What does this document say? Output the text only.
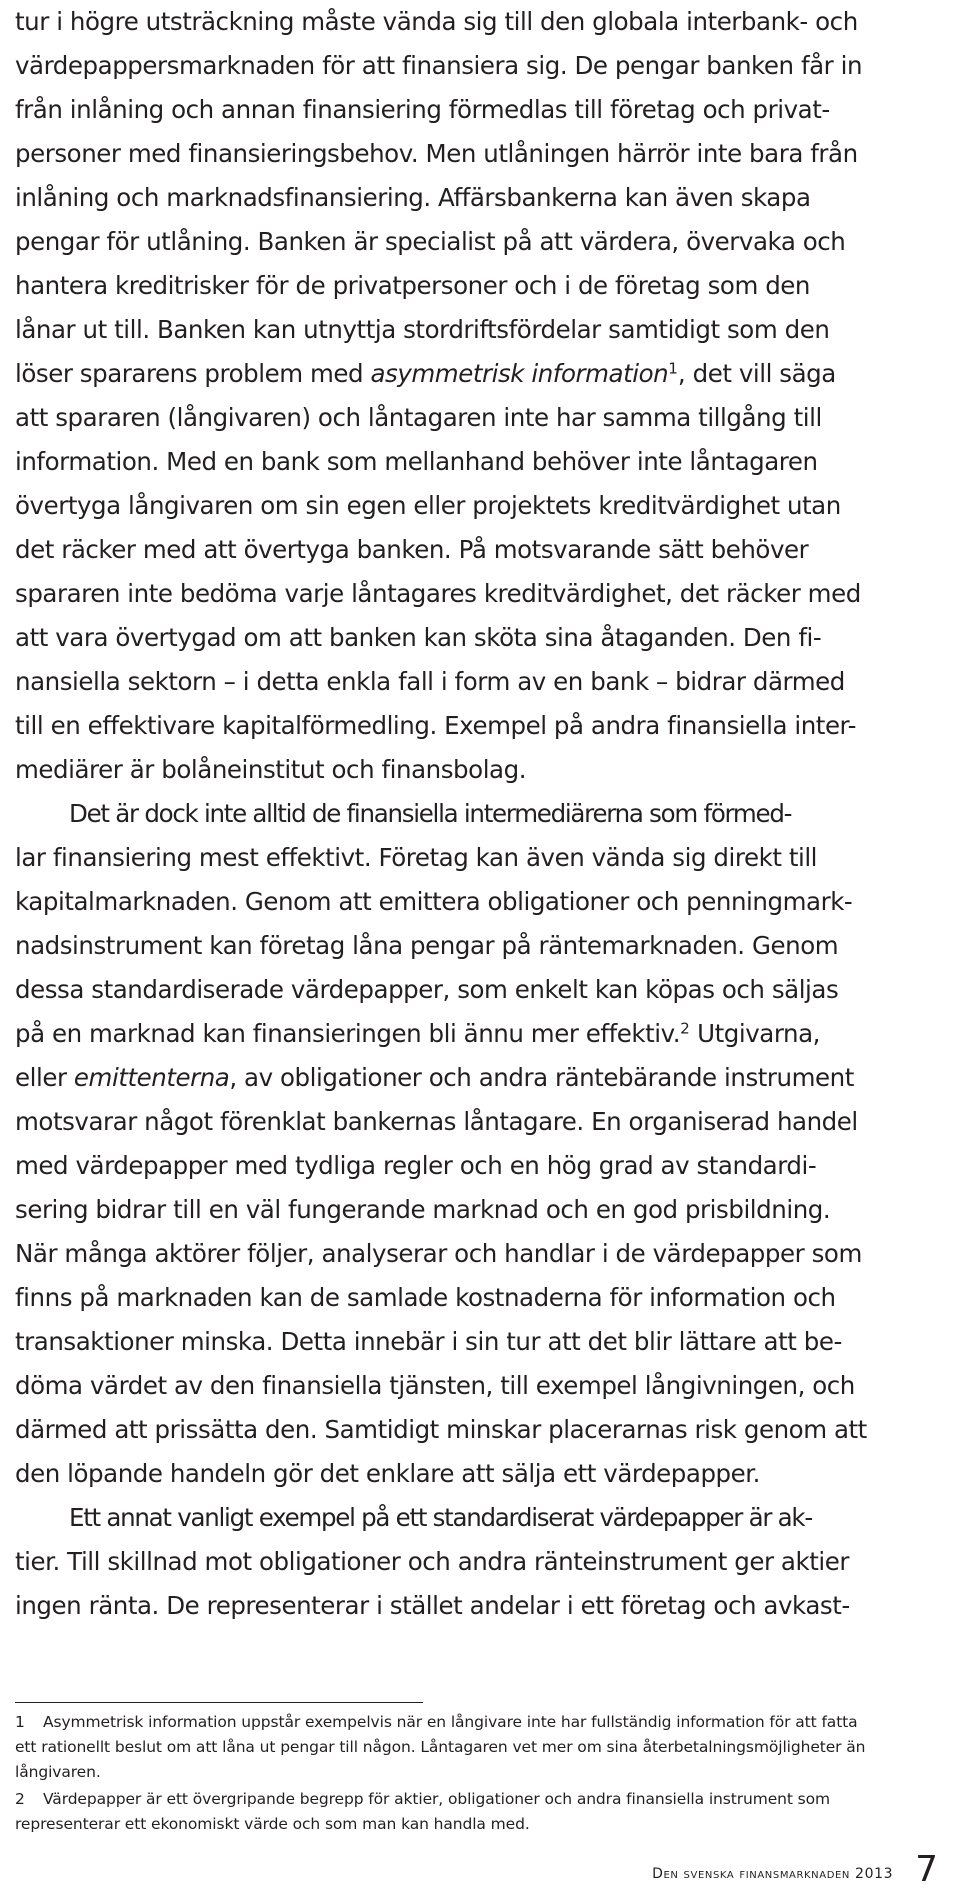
tur i högre utsträckning måste vända sig till den globala interbank- och
värdepappersmarknaden för att finansiera sig. De pengar banken får in
från inlåning och annan finansiering förmedlas till företag och privat-
personer med finansieringsbehov. Men utlåningen härrör inte bara från
inlåning och marknadsfinansiering. Affärsbankerna kan även skapa
pengar för utlåning. Banken är specialist på att värdera, övervaka och
hantera kreditrisker för de privatpersoner och i de företag som den
lånar ut till. Banken kan utnyttja stordriftsfördelar samtidigt som den
löser spararens problem med asymmetrisk information$^1$, det vill säga
att spararen (långivaren) och låntagaren inte har samma tillgång till
information. Med en bank som mellanhand behöver inte låntagaren
övertyga långivaren om sin egen eller projektets kreditvärdighet utan
det räcker med att övertyga banken. På motsvarande sätt behöver
spararen inte bedöma varje låntagares kreditvärdighet, det räcker med
att vara övertygad om att banken kan sköta sina åtaganden. Den fi-
nansiella sektorn – i detta enkla fall i form av en bank – bidrar därmed
till en effektivare kapitalförmedling. Exempel på andra finansiella inter-
mediärer är bolåneinstitut och finansbolag.

Det är dock inte alltid de finansiella intermediärerna som förmed-
lar finansiering mest effektivt. Företag kan även vända sig direkt till
kapitalmarknaden. Genom att emittera obligationer och penningmark-
nadsinstrument kan företag låna pengar på räntemarknaden. Genom
dessa standardiserade värdepapper, som enkelt kan köpas och säljas
på en marknad kan finansieringen bli ännu mer effektiv.$^2$ Utgivarna,
eller emittenterna, av obligationer och andra räntebärande instrument
motsvarar något förenklat bankernas låntagare. En organiserad handel
med värdepapper med tydliga regler och en hög grad av standardi-
sering bidrar till en väl fungerande marknad och en god prisbildning.
När många aktörer följer, analyserar och handlar i de värdepapper som
finns på marknaden kan de samlade kostnaderna för information och
transaktioner minska. Detta innebär i sin tur att det blir lättare att be-
döma värdet av den finansiella tjänsten, till exempel långivningen, och
därmed att prissätta den. Samtidigt minskar placerarnas risk genom att
den löpande handeln gör det enklare att sälja ett värdepapper.

Ett annat vanligt exempel på ett standardiserat värdepapper är ak-
tier. Till skillnad mot obligationer och andra ränteinstrument ger aktier
ingen ränta. De representerar i stället andelar i ett företag och avkast-

1 Asymmetrisk information uppstår exempelvis när en långivare inte har fullständig information för att fatta
ett rationellt beslut om att låna ut pengar till någon. Låntagaren vet mer om sina återbetalningsmöjligheter än
långivaren.

2 Värdepapper är ett övergripande begrepp för aktier, obligationer och andra finansiella instrument som
representerar ett ekonomiskt värde och som man kan handla med.

Den svenska finansmarknaden 2013 7
